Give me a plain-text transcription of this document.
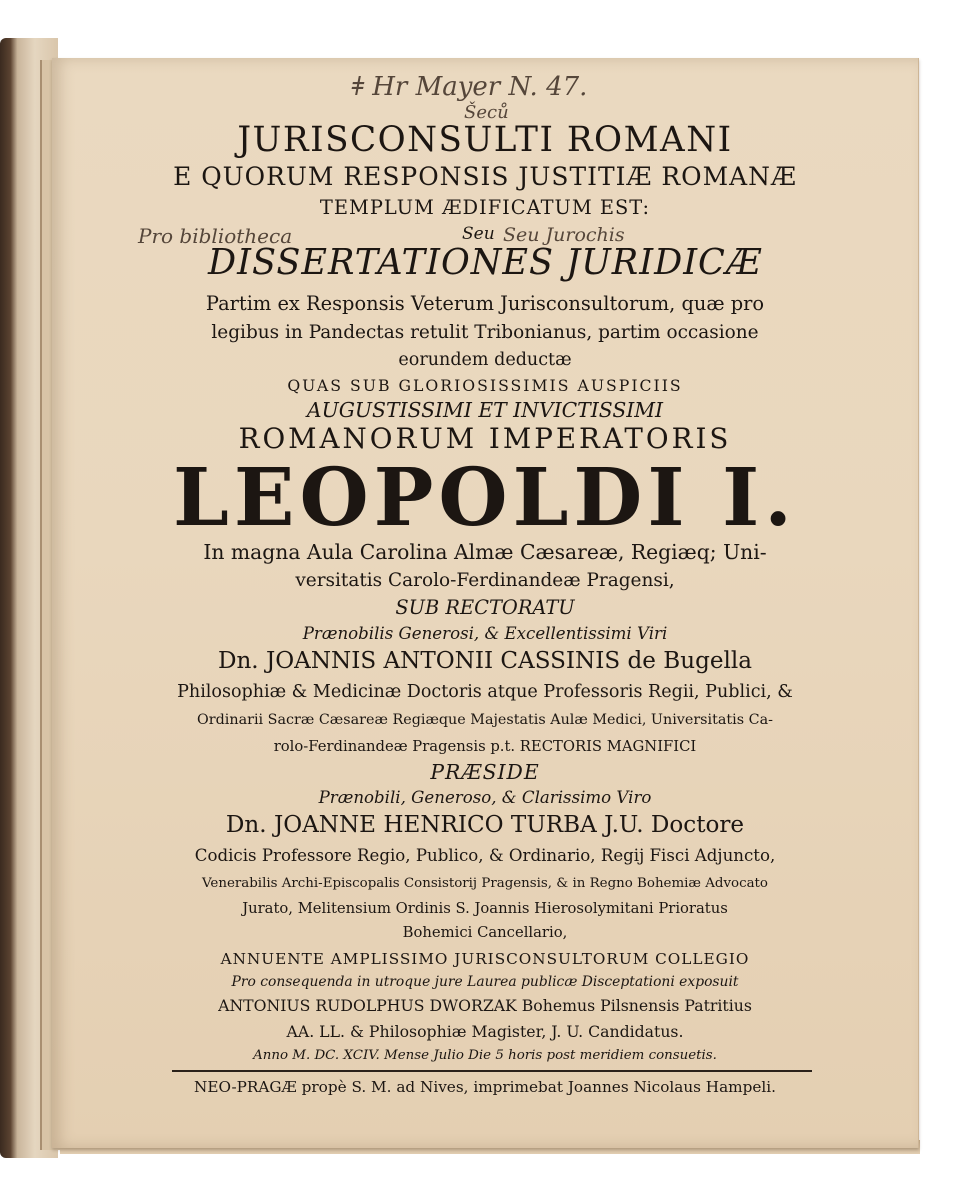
ǂ Hr Mayer N. 47.
Šeců
Pro bibliotheca
JURISCONSULTI ROMANI
E QUORUM RESPONSIS JUSTITIÆ ROMANÆ
TEMPLUM ÆDIFICATUM EST:
Seu Seu Jurochis
DISSERTATIONES JURIDICÆ
Partim ex Responsis Veterum Jurisconsultorum, quæ pro
legibus in Pandectas retulit Tribonianus, partim occasione
eorundem deductæ
QUAS SUB GLORIOSISSIMIS AUSPICIIS
AUGUSTISSIMI ET INVICTISSIMI
ROMANORUM IMPERATORIS
LEOPOLDI I.
In magna Aula Carolina Almæ Cæsareæ, Regiæq; Uni-
versitatis Carolo-Ferdinandeæ Pragensi,
SUB RECTORATU
Prænobilis Generosi, & Excellentissimi Viri
Dn. JOANNIS ANTONII CASSINIS de Bugella
Philosophiæ & Medicinæ Doctoris atque Professoris Regii, Publici, &
Ordinarii Sacræ Cæsareæ Regiæque Majestatis Aulæ Medici, Universitatis Ca-
rolo-Ferdinandeæ Pragensis p.t. RECTORIS MAGNIFICI
PRÆSIDE
Prænobili, Generoso, & Clarissimo Viro
Dn. JOANNE HENRICO TURBA J.U. Doctore
Codicis Professore Regio, Publico, & Ordinario, Regij Fisci Adjuncto,
Venerabilis Archi-Episcopalis Consistorij Pragensis, & in Regno Bohemiæ Advocato
Jurato, Melitensium Ordinis S. Joannis Hierosolymitani Prioratus
Bohemici Cancellario,
ANNUENTE AMPLISSIMO JURISCONSULTORUM COLLEGIO
Pro consequenda in utroque jure Laurea publicæ Disceptationi exposuit
ANTONIUS RUDOLPHUS DWORZAK Bohemus Pilsnensis Patritius
AA. LL. & Philosophiæ Magister, J. U. Candidatus.
Anno M. DC. XCIV. Mense Julio Die 5 horis post meridiem consuetis.
NEO-PRAGÆ propè S. M. ad Nives, imprimebat Joannes Nicolaus Hampeli.
